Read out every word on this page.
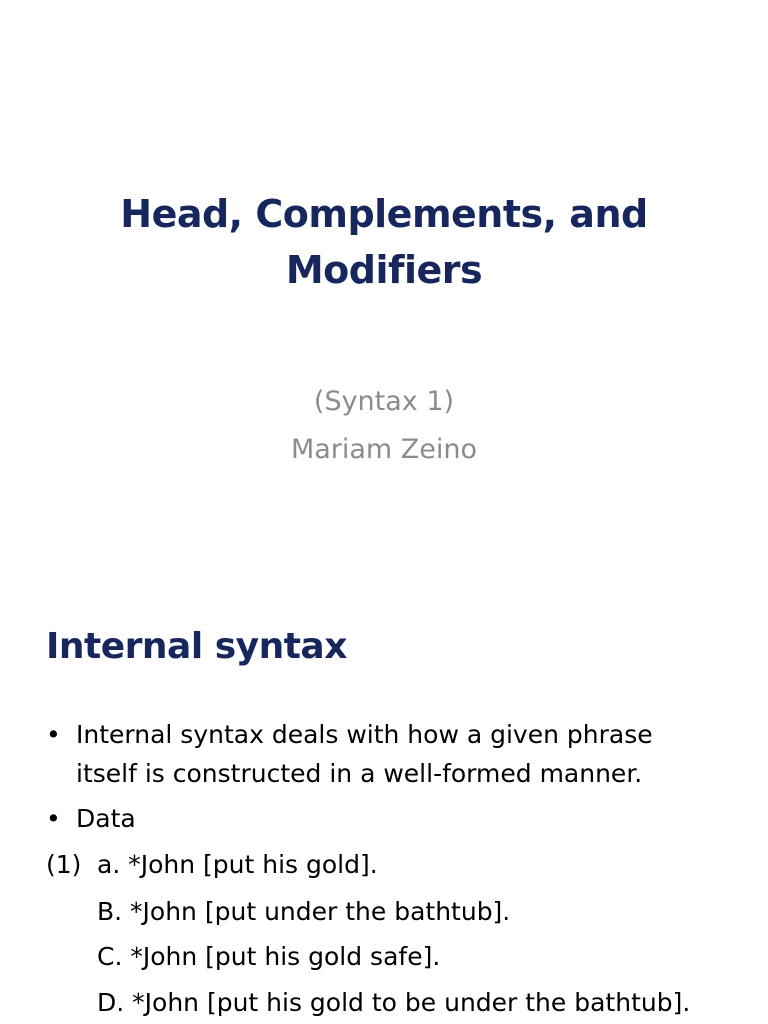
Head, Complements, and
Modifiers
(Syntax 1)
Mariam Zeino
Internal syntax
• Internal syntax deals with how a given phrase
itself is constructed in a well-formed manner.
• Data
(1) a. *John [put his gold].
B. *John [put under the bathtub].
C. *John [put his gold safe].
D. *John [put his gold to be under the bathtub].
